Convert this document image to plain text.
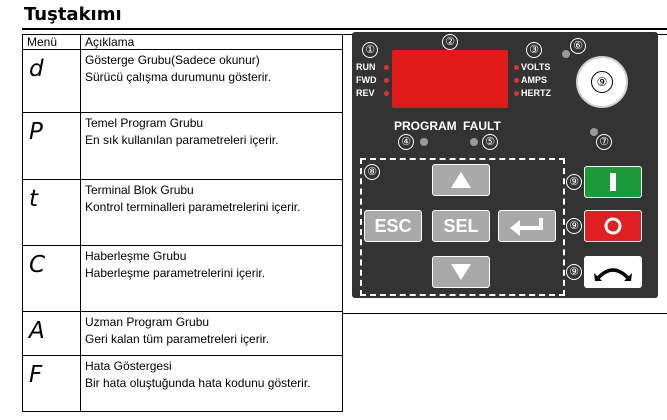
Tuştakımı
Menü	Açıklama
d	Gösterge Grubu(Sadece okunur)
Sürücü çalışma durumunu gösterir.

P	Temel Program Grubu
En sık kullanılan parametreleri içerir.

t	Terminal Blok Grubu
Kontrol terminalleri parametrelerini içerir.

C	Haberleşme Grubu
Haberleşme parametrelerini içerir.

A	Uzman Program Grubu
Geri kalan tüm parametreleri içerir.

F	Hata Göstergesi
Bir hata oluştuğunda hata kodunu gösterir.
①
②
③	⑥
RUN
FWD
REV
VOLTS
AMPS
HERTZ
⑨
PROGRAM FAULT
④	⑤	⑦
⑧
ESC SEL
⑨
⑨
⑨
